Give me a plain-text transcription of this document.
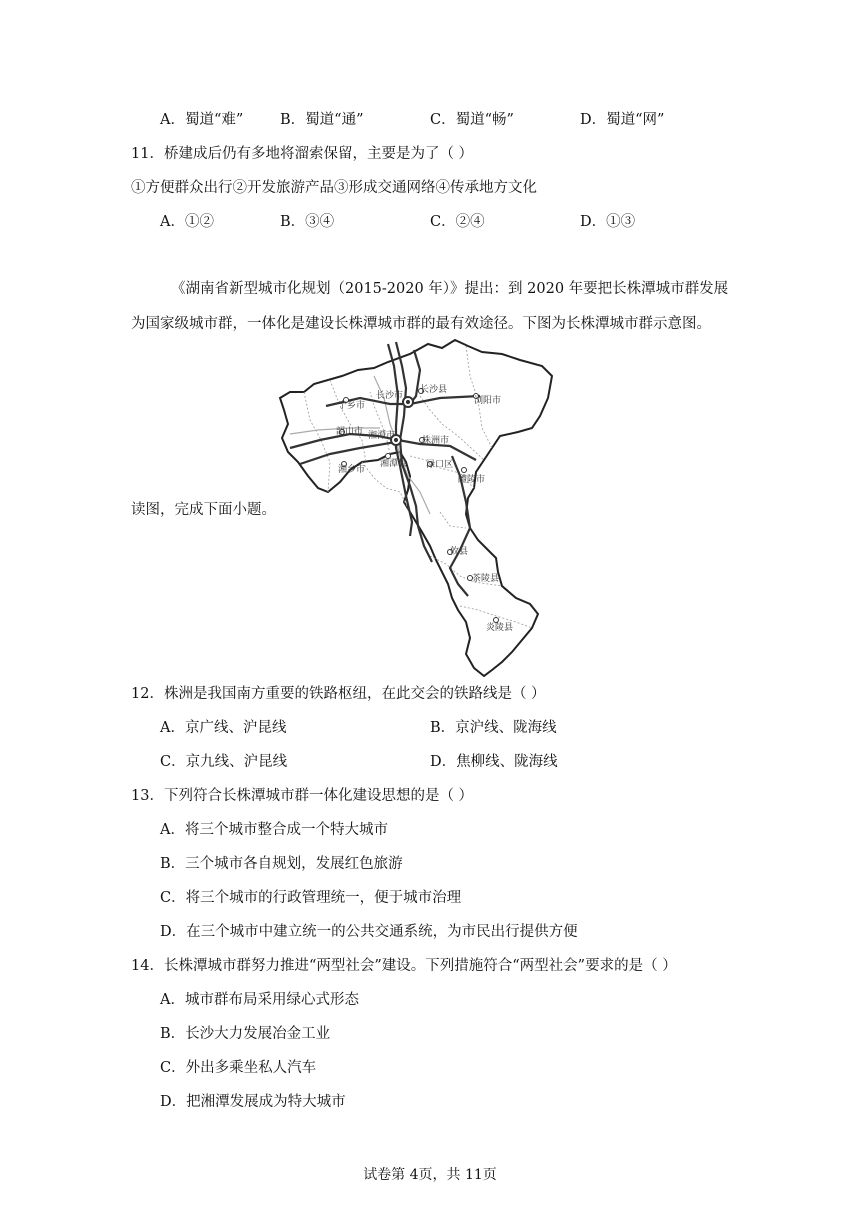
A．蜀道“难”	B．蜀道“通”	C．蜀道“畅”	D．蜀道“网”
11．桥建成后仍有多地将溜索保留，主要是为了（ ）
①方便群众出行②开发旅游产品③形成交通网络④传承地方文化
A．①②	B．③④	C．②④	D．①③
《湖南省新型城市化规划（2015-2020 年）》提出：到 2020 年要把长株潭城市群发展
为国家级城市群，一体化是建设长株潭城市群的最有效途径。下图为长株潭城市群示意图。
读图，完成下面小题。
长沙县
长沙市	浏阳市
宁乡市
韶山市 湘潭市	株洲市
湘潭县 渌口区
醴陵市
湘乡市
攸县
茶陵县
炎陵县
12．株洲是我国南方重要的铁路枢纽，在此交会的铁路线是（ ）
A．京广线、沪昆线	B．京沪线、陇海线
C．京九线、沪昆线	D．焦柳线、陇海线
13．下列符合长株潭城市群一体化建设思想的是（ ）
A．将三个城市整合成一个特大城市
B．三个城市各自规划，发展红色旅游
C．将三个城市的行政管理统一，便于城市治理
D．在三个城市中建立统一的公共交通系统，为市民出行提供方便
14．长株潭城市群努力推进“两型社会”建设。下列措施符合“两型社会”要求的是（ ）
A．城市群布局采用绿心式形态
B．长沙大力发展冶金工业
C．外出多乘坐私人汽车
D．把湘潭发展成为特大城市
试卷第 4页，共 11页
